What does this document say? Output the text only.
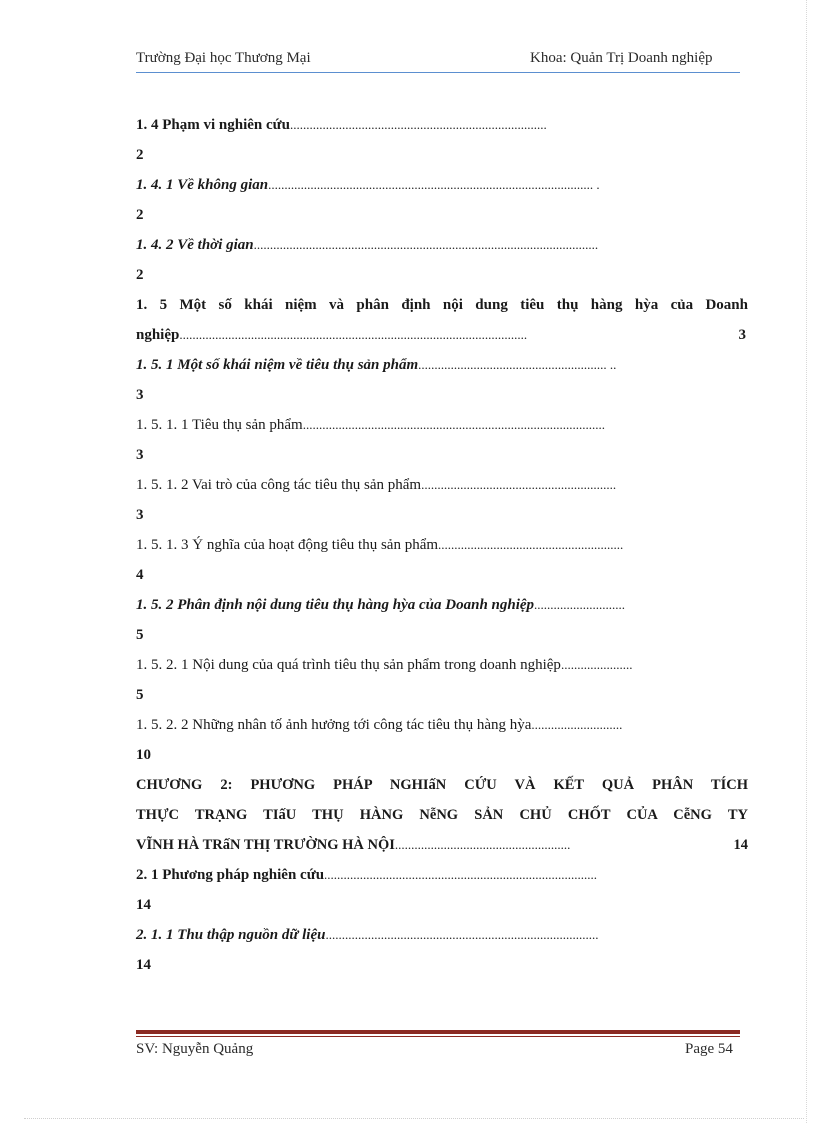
Trường Đại học Thương Mại	Khoa: Quản Trị Doanh nghiệp
1. 4 Phạm vi nghiên cứu...............................................................................
2
1. 4. 1 Về không gian.................................................................................................... .
2
1. 4. 2 Về thời gian..........................................................................................................
2
1. 5 Một số khái niệm và phân định nội dung tiêu thụ hàng hỳa của Doanh
nghiệp...........................................................................................................	3
1. 5. 1 Một số khái niệm về tiêu thụ sản phẩm.......................................................... ..
3
1. 5. 1. 1 Tiêu thụ sản phẩm.............................................................................................
3
1. 5. 1. 2 Vai trò của công tác tiêu thụ sản phẩm............................................................
3
1. 5. 1. 3 Ý nghĩa của hoạt động tiêu thụ sản phẩm.........................................................
4
1. 5. 2 Phân định nội dung tiêu thụ hàng hỳa của Doanh nghiệp............................
5
1. 5. 2. 1 Nội dung của quá trình tiêu thụ sản phẩm trong doanh nghiệp......................
5
1. 5. 2. 2 Những nhân tố ảnh hưởng tới công tác tiêu thụ hàng hỳa............................
10
CHƯƠNG 2: PHƯƠNG PHÁP NGHIấN CỨU VÀ KẾT QUẢ PHÂN TÍCH
THỰC TRẠNG TIấU THỤ HÀNG NễNG SẢN CHỦ CHỐT CỦA CễNG TY
VĨNH HÀ TRấN THỊ TRƯỜNG HÀ NỘI......................................................	14
2. 1 Phương pháp nghiên cứu....................................................................................
14
2. 1. 1 Thu thập nguồn dữ liệu....................................................................................
14
SV: Nguyễn Quảng	Page 54
